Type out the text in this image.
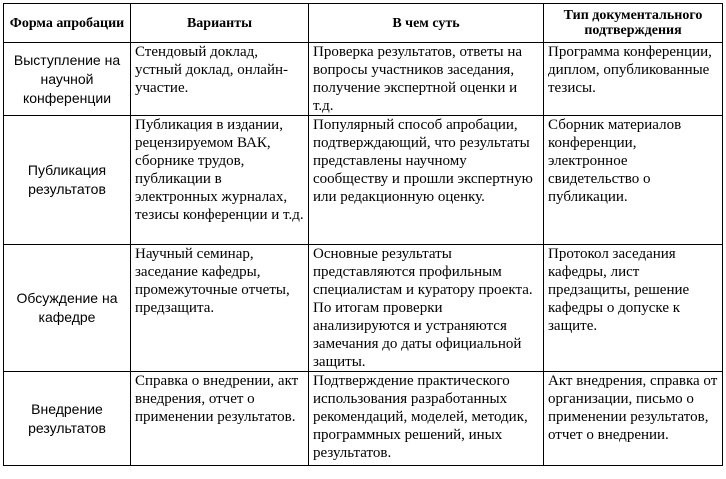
Форма апробации	Варианты	В чем суть	Тип документального подтверждения
Выступление на научной конференции	Стендовый доклад, устный доклад, онлайн-участие.	Проверка результатов, ответы на вопросы участников заседания, получение экспертной оценки и т.д.	Программа конференции, диплом, опубликованные тезисы.
Публикация результатов	Публикация в издании, рецензируемом ВАК, сборнике трудов, публикации в электронных журналах, тезисы конференции и т.д.	Популярный способ апробации, подтверждающий, что результаты представлены научному сообществу и прошли экспертную или редакционную оценку.	Сборник материалов конференции, электронное свидетельство о публикации.
Обсуждение на кафедре	Научный семинар, заседание кафедры, промежуточные отчеты, предзащита.	Основные результаты представляются профильным специалистам и куратору проекта. По итогам проверки анализируются и устраняются замечания до даты официальной защиты.	Протокол заседания кафедры, лист предзащиты, решение кафедры о допуске к защите.
Внедрение результатов	Справка о внедрении, акт внедрения, отчет о применении результатов.	Подтверждение практического использования разработанных рекомендаций, моделей, методик, программных решений, иных результатов.	Акт внедрения, справка от организации, письмо о применении результатов, отчет о внедрении.
